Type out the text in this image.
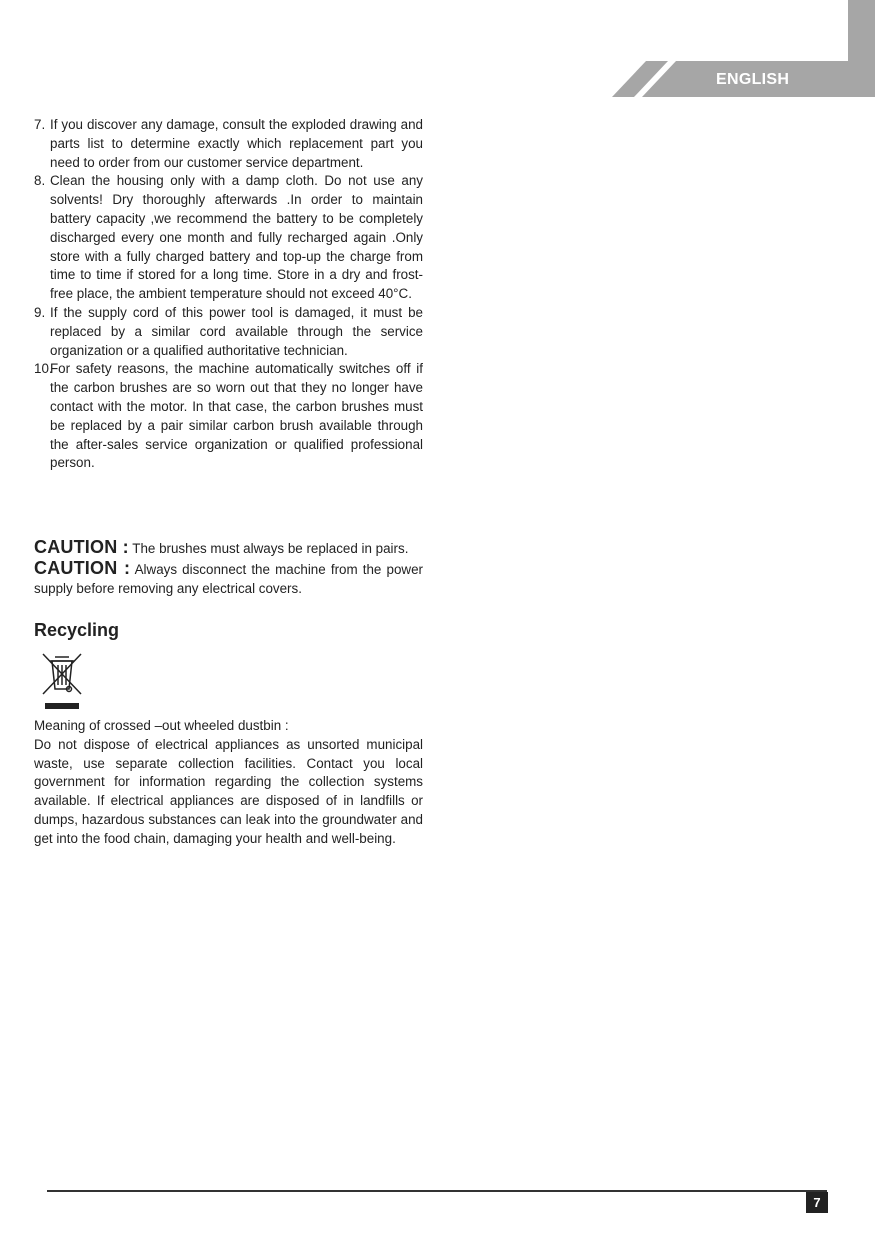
ENGLISH
7. If you discover any damage, consult the exploded drawing and parts list to determine exactly which replacement part you need to order from our customer service department.
8. Clean the housing only with a damp cloth. Do not use any solvents! Dry thoroughly afterwards .In order to maintain battery capacity ,we recommend the battery to be completely discharged every one month and fully recharged again .Only store with a fully charged battery and top-up the charge from time to time if stored for a long time. Store in a dry and frost-free place, the ambient temperature should not exceed 40°C.
9. If the supply cord of this power tool is damaged, it must be replaced by a similar cord available through the service organization or a qualified authoritative technician.
10.
For safety reasons, the machine automatically switches off if the carbon brushes are so worn out that they no longer have contact with the motor. In that case, the carbon brushes must be replaced by a pair similar carbon brush available through the after-sales service organization or qualified professional person.

CAUTION : The brushes must always be replaced in pairs.

CAUTION : Always disconnect the machine from the power supply before removing any electrical covers.

Recycling

Meaning of crossed –out wheeled dustbin :

Do not dispose of electrical appliances as unsorted municipal waste, use separate collection facilities. Contact you local government for information regarding the collection systems available. If electrical appliances are disposed of in landfills or dumps, hazardous substances can leak into the groundwater and get into the food chain, damaging your health and well-being.

7
